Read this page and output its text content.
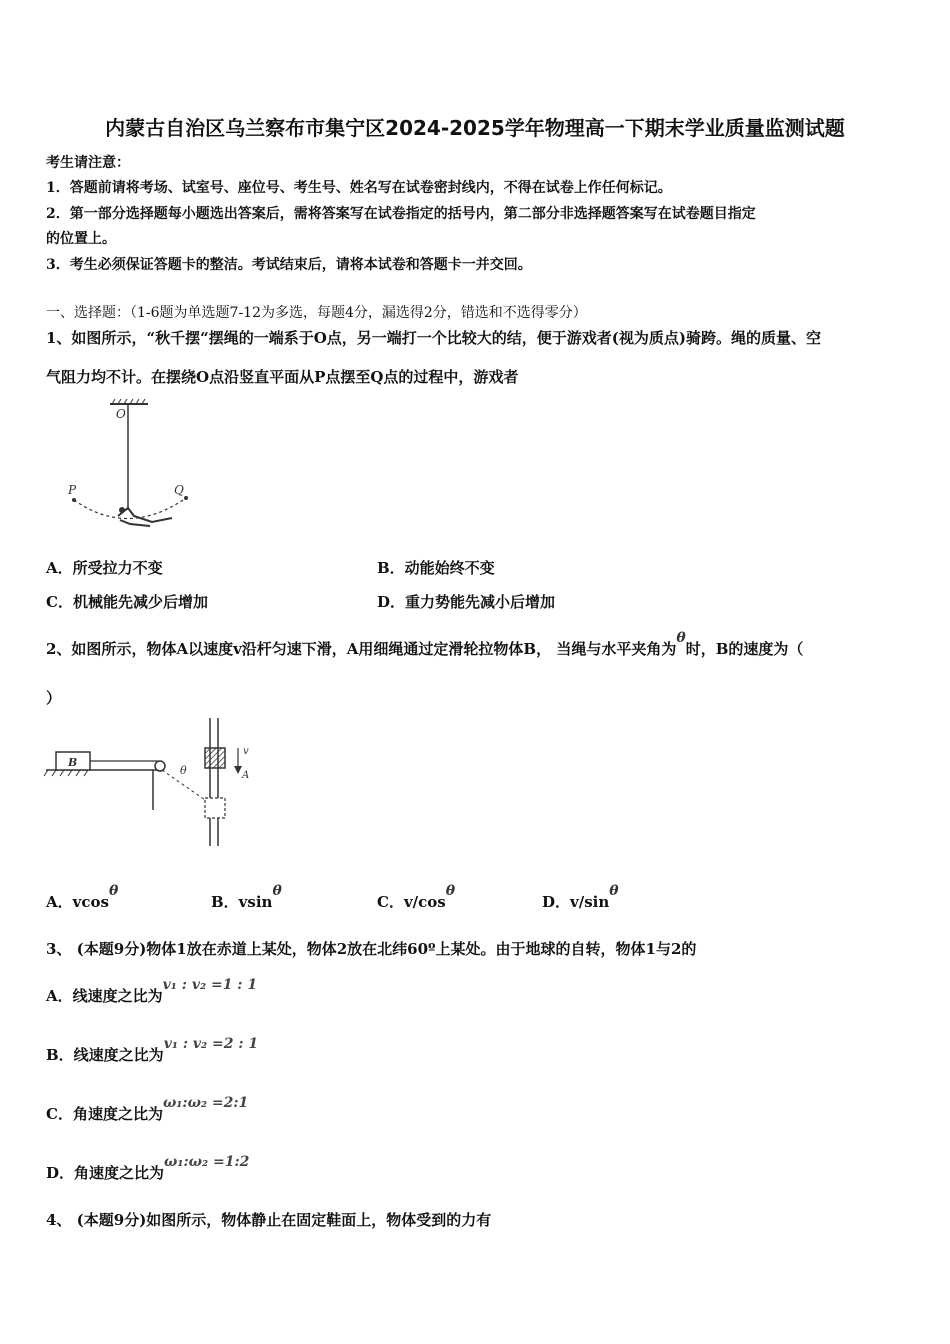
内蒙古自治区乌兰察布市集宁区2024-2025学年物理高一下期末学业质量监测试题
考生请注意：
1．答题前请将考场、试室号、座位号、考生号、姓名写在试卷密封线内，不得在试卷上作任何标记。
2．第一部分选择题每小题选出答案后，需将答案写在试卷指定的括号内，第二部分非选择题答案写在试卷题目指定
的位置上。
3．考生必须保证答题卡的整洁。考试结束后，请将本试卷和答题卡一并交回。
一、选择题：（1-6题为单选题7-12为多选，每题4分，漏选得2分，错选和不选得零分）
1、如图所示，“秋千摆“摆绳的一端系于O点，另一端打一个比较大的结，便于游戏者(视为质点)骑跨。绳的质量、空
气阻力均不计。在摆绕O点沿竖直平面从P点摆至Q点的过程中，游戏者
O
P	Q
A．所受拉力不变	B．动能始终不变
C．机械能先减少后增加	D．重力势能先减小后增加
2、如图所示，物体A以速度v沿杆匀速下滑，A用细绳通过定滑轮拉物体B， 当绳与水平夹角为θ时，B的速度为（
）
B
v
A
θ
A．vcosθ
B．vsinθ
C．v/cosθ
D．v/sinθ
3、 (本题9分)物体1放在赤道上某处，物体2放在北纬60º上某处。由于地球的自转，物体1与2的
A．线速度之比为v₁ : v₂ =1 : 1
B．线速度之比为v₁ : v₂ =2 : 1
C．角速度之比为ω₁:ω₂ =2:1
D．角速度之比为ω₁:ω₂ =1:2
4、 (本题9分)如图所示，物体静止在固定鞋面上，物体受到的力有
